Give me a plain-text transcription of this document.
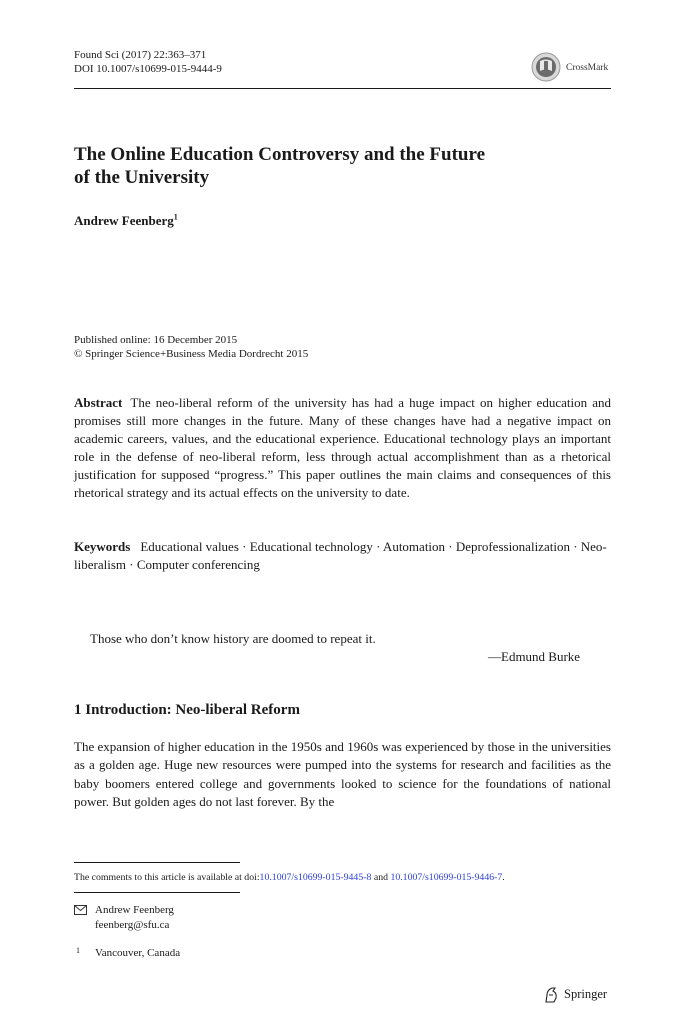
Found Sci (2017) 22:363–371
DOI 10.1007/s10699-015-9444-9	CrossMark
The Online Education Controversy and the Future
of the University
Andrew Feenberg$^1$
Published online: 16 December 2015
© Springer Science+Business Media Dordrecht 2015
Abstract The neo-liberal reform of the university has had a huge impact on higher education and promises still more changes in the future. Many of these changes have had a negative impact on academic careers, values, and the educational experience. Educational technology plays an important role in the defense of neo-liberal reform, less through actual accomplishment than as a rhetorical justification for supposed “progress.” This paper outlines the main claims and consequences of this rhetorical strategy and its actual effects on the university to date.
Keywords Educational values · Educational technology · Automation · Deprofessionalization · Neo-liberalism · Computer conferencing
Those who don’t know history are doomed to repeat it.
—Edmund Burke
1 Introduction: Neo-liberal Reform
The expansion of higher education in the 1950s and 1960s was experienced by those in the universities as a golden age. Huge new resources were pumped into the systems for research and facilities as the baby boomers entered college and governments looked to science for the foundations of national power. But golden ages do not last forever. By the
The comments to this article is available at doi:10.1007/s10699-015-9445-8 and 10.1007/s10699-015-9446-7.
Andrew Feenberg
feenberg@sfu.ca
1 Vancouver, Canada
Springer
